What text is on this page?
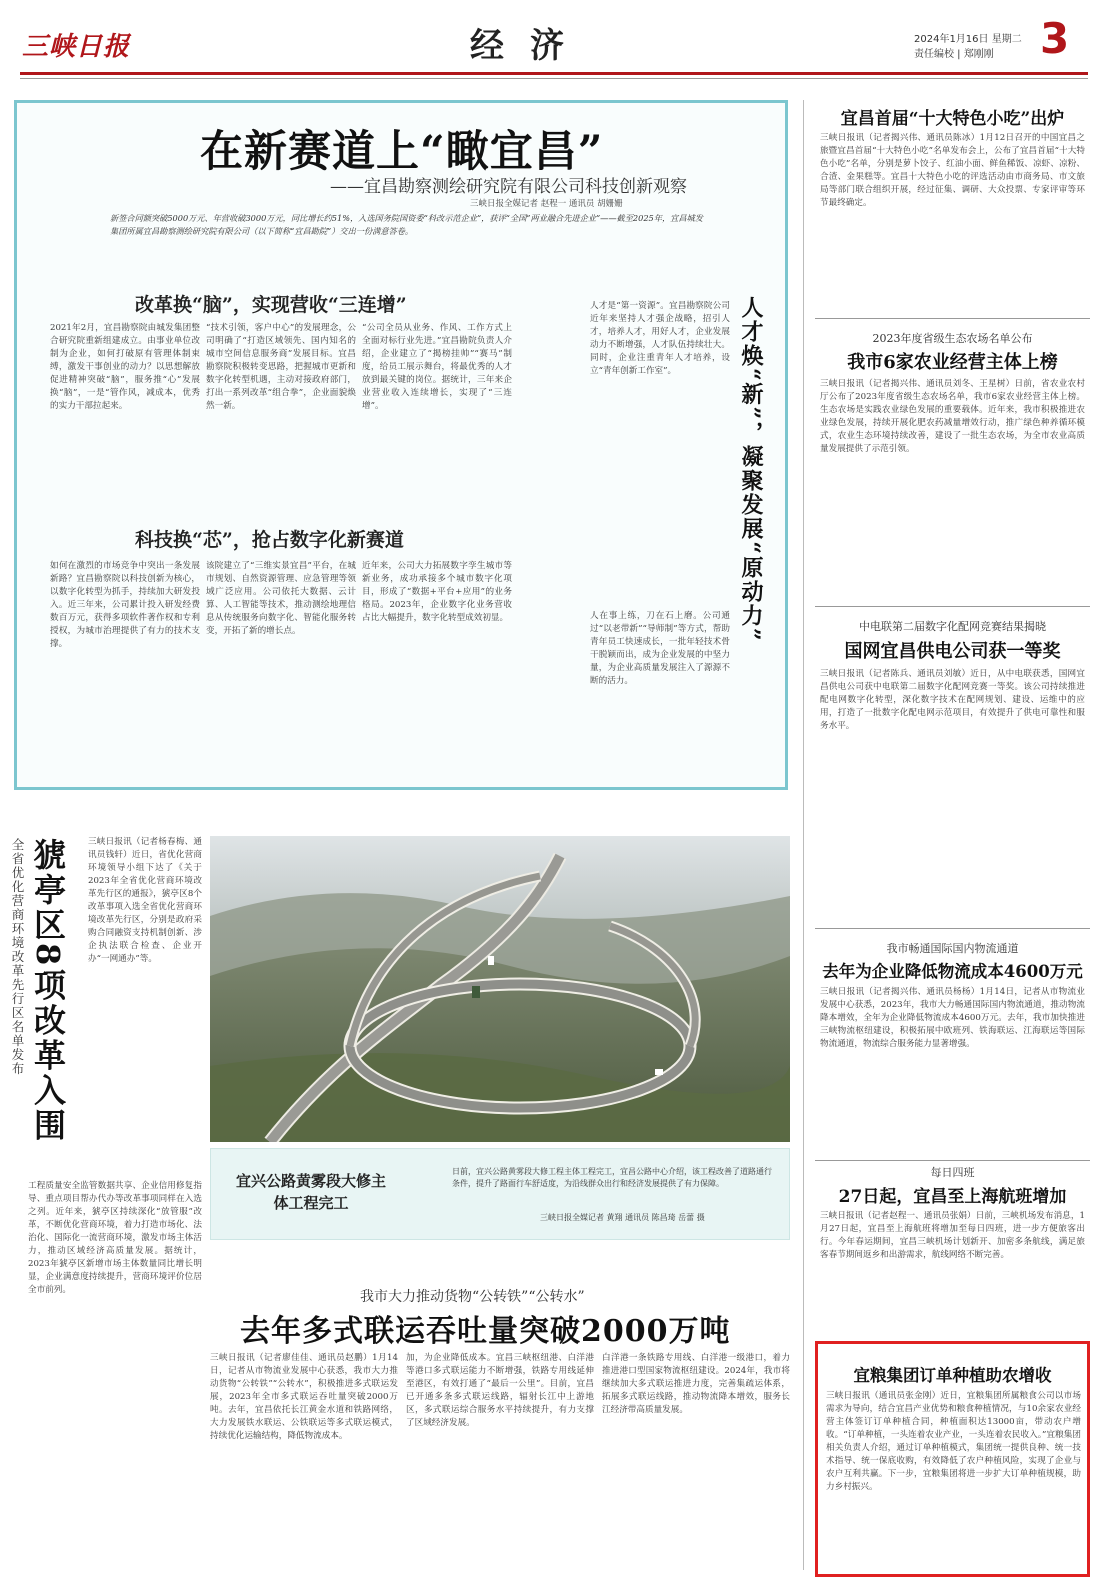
三峡日报	经济	2024年1月16日 星期二
责任编校 | 郑刚刚 3
在新赛道上“瞰宜昌”
——宜昌勘察测绘研究院有限公司科技创新观察
三峡日报全媒记者 赵程一 通讯员 胡姗姗
新签合同额突破5000万元、年营收破3000万元，同比增长约51%，入选国务院国资委“科改示范企业”，获评“全国”两业融合先进企业”——截至2025年，宜昌城发集团所属宜昌勘察测绘研究院有限公司（以下简称“宜昌勘院”）交出一份满意答卷。
改革换“脑”，实现营收“三连增”
2021年2月，宜昌勘察院由城发集团整合研究院重新组建成立。由事业单位改制为企业，如何打破原有管理体制束缚，激发干事创业的动力？以思想解放促进精神突破“脑”，服务推“心”发展换“脑”，一是“管作风，减成本，优秀的实力干部拉起来。
“技术引领，客户中心”的发展理念，公司明确了“打造区域领先、国内知名的城市空间信息服务商”发展目标。宜昌勘察院积极转变思路，把握城市更新和数字化转型机遇，主动对接政府部门，打出一系列改革“组合拳”，企业面貌焕然一新。
“公司全员从业务、作风、工作方式上全面对标行业先进。”宜昌勘院负责人介绍，企业建立了“揭榜挂帅”“赛马”制度，给员工展示舞台，将最优秀的人才放到最关键的岗位。据统计，三年来企业营业收入连续增长，实现了“三连增”。
人才是“第一资源”。宜昌勘察院公司近年来坚持人才强企战略，招引人才，培养人才，用好人才，企业发展动力不断增强，人才队伍持续壮大。同时，企业注重青年人才培养，设立“青年创新工作室”。	人才焕“新”，凝聚发展“原动力”
科技换“芯”，抢占数字化新赛道
如何在激烈的市场竞争中突出一条发展新路？宜昌勘察院以科技创新为核心，以数字化转型为抓手，持续加大研发投入。近三年来，公司累计投入研发经费数百万元，获得多项软件著作权和专利授权，为城市治理提供了有力的技术支撑。
该院建立了“三维实景宜昌”平台，在城市规划、自然资源管理、应急管理等领域广泛应用。公司依托大数据、云计算、人工智能等技术，推动测绘地理信息从传统服务向数字化、智能化服务转变，开拓了新的增长点。
近年来，公司大力拓展数字孪生城市等新业务，成功承接多个城市数字化项目，形成了“数据+平台+应用”的业务格局。2023年，企业数字化业务营收占比大幅提升，数字化转型成效初显。	人在事上练，刀在石上磨。公司通过“以老带新”“导师制”等方式，帮助青年员工快速成长，一批年轻技术骨干脱颖而出，成为企业发展的中坚力量，为企业高质量发展注入了源源不断的活力。
猇亭区8项改革入围
全省优化营商环境改革先行区名单发布	三峡日报讯（记者杨春梅、通讯员钱轩）近日，省优化营商环境领导小组下达了《关于2023年全省优化营商环境改革先行区的通报》，猇亭区8个改革事项入选全省优化营商环境改革先行区，分别是政府采购合同融资支持机制创新、涉企执法联合检查、企业开办“一网通办”等。
工程质量安全监管数据共享、企业信用修复指导、重点项目帮办代办等改革事项同样在入选之列。近年来，猇亭区持续深化“放管服”改革，不断优化营商环境，着力打造市场化、法治化、国际化一流营商环境，激发市场主体活力，推动区域经济高质量发展。据统计，2023年猇亭区新增市场主体数量同比增长明显，企业满意度持续提升，营商环境评价位居全市前列。
宜兴公路黄雾段大修主体工程完工
日前，宜兴公路黄雾段大修工程主体工程完工，宜昌公路中心介绍，该工程改善了道路通行条件，提升了路面行车舒适度，为沿线群众出行和经济发展提供了有力保障。
三峡日报全媒记者 黄翔 通讯员 陈昌琦 岳蕾 摄
我市大力推动货物“公转铁”“公转水”
去年多式联运吞吐量突破2000万吨
三峡日报讯（记者廖佳佳、通讯员赵鹏）1月14日，记者从市物流业发展中心获悉，我市大力推动货物“公转铁”“公转水”，积极推进多式联运发展，2023年全市多式联运吞吐量突破2000万吨。去年，宜昌依托长江黄金水道和铁路网络，大力发展铁水联运、公铁联运等多式联运模式，持续优化运输结构，降低物流成本。
加，为企业降低成本。宜昌三峡枢纽港、白洋港等港口多式联运能力不断增强，铁路专用线延伸至港区，有效打通了“最后一公里”。目前，宜昌已开通多条多式联运线路，辐射长江中上游地区，多式联运综合服务水平持续提升，有力支撑了区域经济发展。
白洋港一条铁路专用线、白洋港一级港口，着力推进港口型国家物流枢纽建设。2024年，我市将继续加大多式联运推进力度，完善集疏运体系，拓展多式联运线路，推动物流降本增效，服务长江经济带高质量发展。
宜昌首届“十大特色小吃”出炉
三峡日报讯（记者揭兴伟、通讯员陈冰）1月12日召开的中国宜昌之旅暨宜昌首届“十大特色小吃”名单发布会上，公布了宜昌首届“十大特色小吃”名单，分别是萝卜饺子、红油小面、鲜鱼稀饭、凉虾、凉粉、合渣、金果糕等。宜昌十大特色小吃的评选活动由市商务局、市文旅局等部门联合组织开展，经过征集、调研、大众投票、专家评审等环节最终确定。
2023年度省级生态农场名单公布
我市6家农业经营主体上榜
三峡日报讯（记者揭兴伟、通讯员刘冬、王星树）日前，省农业农村厅公布了2023年度省级生态农场名单，我市6家农业经营主体上榜。生态农场是实践农业绿色发展的重要载体。近年来，我市积极推进农业绿色发展，持续开展化肥农药减量增效行动，推广绿色种养循环模式，农业生态环境持续改善，建设了一批生态农场，为全市农业高质量发展提供了示范引领。
中电联第二届数字化配网竞赛结果揭晓
国网宜昌供电公司获一等奖
三峡日报讯（记者陈兵、通讯员刘敏）近日，从中电联获悉，国网宜昌供电公司获中电联第二届数字化配网竞赛一等奖。该公司持续推进配电网数字化转型，深化数字技术在配网规划、建设、运维中的应用，打造了一批数字化配电网示范项目，有效提升了供电可靠性和服务水平。
我市畅通国际国内物流通道
去年为企业降低物流成本4600万元
三峡日报讯（记者揭兴伟、通讯员杨杨）1月14日，记者从市物流业发展中心获悉，2023年，我市大力畅通国际国内物流通道，推动物流降本增效，全年为企业降低物流成本4600万元。去年，我市加快推进三峡物流枢纽建设，积极拓展中欧班列、铁海联运、江海联运等国际物流通道，物流综合服务能力显著增强。
每日四班
27日起，宜昌至上海航班增加
三峡日报讯（记者赵程一、通讯员张娟）日前，三峡机场发布消息，1月27日起，宜昌至上海航班将增加至每日四班，进一步方便旅客出行。今年春运期间，宜昌三峡机场计划新开、加密多条航线，满足旅客春节期间返乡和出游需求，航线网络不断完善。
宜粮集团订单种植助农增收
三峡日报讯（通讯员张金刚）近日，宜粮集团所属粮食公司以市场需求为导向，结合宜昌产业优势和粮食种植情况，与10余家农业经营主体签订订单种植合同，种植面积达13000亩，带动农户增收。“订单种植，一头连着农业产业，一头连着农民收入。”宜粮集团相关负责人介绍，通过订单种植模式，集团统一提供良种、统一技术指导、统一保底收购，有效降低了农户种植风险，实现了企业与农户互利共赢。下一步，宜粮集团将进一步扩大订单种植规模，助力乡村振兴。
